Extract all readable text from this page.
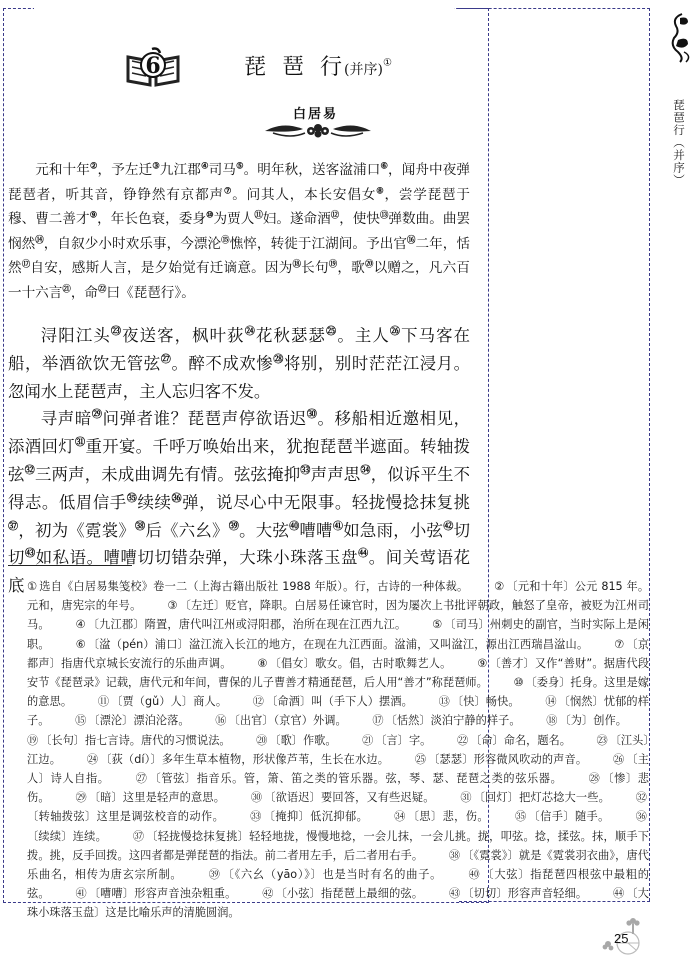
6	琵 琶 行(并序)①
白居易	琵琶行（并序）

元和十年②，予左迁③九江郡④司马⑤。明年秋，送客湓浦口⑥，闻舟中夜弹琵琶者，听其音，铮铮然有京都声⑦。问其人，本长安倡女⑧，尝学琵琶于穆、曹二善才⑨，年长色衰，委身⑩为贾人⑪妇。遂命酒⑫，使快⑬弹数曲。曲罢悯然⑭，自叙少小时欢乐事，今漂沦⑮憔悴，转徙于江湖间。予出官⑯二年，恬然⑰自安，感斯人言，是夕始觉有迁谪意。因为⑱长句⑲，歌⑳以赠之，凡六百一十六言$^㉑$，命$^㉒$曰《琵琶行》。

浔阳江头$^㉓$夜送客，枫叶荻$^㉔$花秋瑟瑟$^㉕$。主人$^㉖$下马客在船，举酒欲饮无管弦$^㉗$。醉不成欢惨$^㉘$将别，别时茫茫江浸月。忽闻水上琵琶声，主人忘归客不发。

寻声暗$^㉙$问弹者谁？琵琶声停欲语迟$^㉚$。移船相近邀相见，添酒回灯$^㉛$重开宴。千呼万唤始出来，犹抱琵琶半遮面。转轴拨弦$^㉜$三两声，未成曲调先有情。弦弦掩抑$^㉝$声声思$^㉞$，似诉平生不得志。低眉信手$^㉟$续续$^㊱$弹，说尽心中无限事。轻拢慢捻抹复挑$^㊲$，初为《霓裳》$^㊳$后《六幺》$^㊴$。大弦$^㊵$嘈嘈$^㊶$如急雨，小弦$^㊷$切切$^㊸$如私语。嘈嘈切切错杂弹，大珠小珠落玉盘$^㊹$。间关莺语花底 ① 选自《白居易集笺校》卷一二（上海古籍出版社 1988 年版）。行，古诗的一种体裁。 ② 〔元和十年〕公元 815 年。元和，唐宪宗的年号。 ③ 〔左迁〕贬官，降职。白居易任谏官时，因为屡次上书批评朝政，触怒了皇帝，被贬为江州司马。 ④ 〔九江郡〕隋置，唐代叫江州或浔阳郡，治所在现在江西九江。 ⑤ 〔司马〕州刺史的副官，当时实际上是闲职。 ⑥ 〔湓（pén）浦口〕湓江流入长江的地方，在现在九江西面。湓浦，又叫湓江，源出江西瑞昌湓山。 ⑦ 〔京都声〕指唐代京城长安流行的乐曲声调。 ⑧ 〔倡女〕歌女。倡，古时歌舞艺人。 ⑨ 〔善才〕又作“善财”。据唐代段安节《琵琶录》记载，唐代元和年间，曹保的儿子曹善才精通琵琶，后人用“善才”称琵琶师。 ⑩ 〔委身〕托身。这里是嫁的意思。 ⑪ 〔贾（gǔ）人〕商人。 ⑫ 〔命酒〕叫（手下人）摆酒。 ⑬ 〔快〕畅快。 ⑭ 〔悯然〕忧郁的样子。 ⑮ 〔漂沦〕漂泊沦落。 ⑯ 〔出官〕（京官）外调。 ⑰ 〔恬然〕淡泊宁静的样子。 ⑱ 〔为〕创作。 ⑲ 〔长句〕指七言诗。唐代的习惯说法。 ⑳ 〔歌〕作歌。 ㉑ 〔言〕字。 ㉒ 〔命〕命名，题名。 ㉓ 〔江头〕江边。 ㉔ 〔荻（dí）〕多年生草本植物，形状像芦苇，生长在水边。 ㉕ 〔瑟瑟〕形容微风吹动的声音。 ㉖ 〔主人〕诗人自指。 ㉗ 〔管弦〕指音乐。管，箫、笛之类的管乐器。弦，琴、瑟、琵琶之类的弦乐器。 ㉘ 〔惨〕悲伤。 ㉙ 〔暗〕这里是轻声的意思。 ㉚ 〔欲语迟〕要回答，又有些迟疑。 ㉛ 〔回灯〕把灯芯捻大一些。 ㉜〔转轴拨弦〕这里是调弦校音的动作。 ㉝ 〔掩抑〕低沉抑郁。 ㉞ 〔思〕悲，伤。 ㉟ 〔信手〕随手。 ㊱〔续续〕连续。 ㊲ 〔轻拢慢捻抹复挑〕轻轻地拢，慢慢地捻，一会儿抹，一会儿挑。拢，叩弦。捻，揉弦。抹，顺手下拨。挑，反手回拨。这四者都是弹琵琶的指法。前二者用左手，后二者用右手。 ㊳ 〔《霓裳》〕就是《霓裳羽衣曲》，唐代乐曲名，相传为唐玄宗所制。 ㊴ 〔《六幺（yāo）》〕也是当时有名的曲子。 ㊵ 〔大弦〕指琵琶四根弦中最粗的弦。 ㊶ 〔嘈嘈〕形容声音浊杂粗重。 ㊷ 〔小弦〕指琵琶上最细的弦。 ㊸ 〔切切〕形容声音轻细。 ㊹ 〔大珠小珠落玉盘〕这是比喻乐声的清脆圆润。
25
